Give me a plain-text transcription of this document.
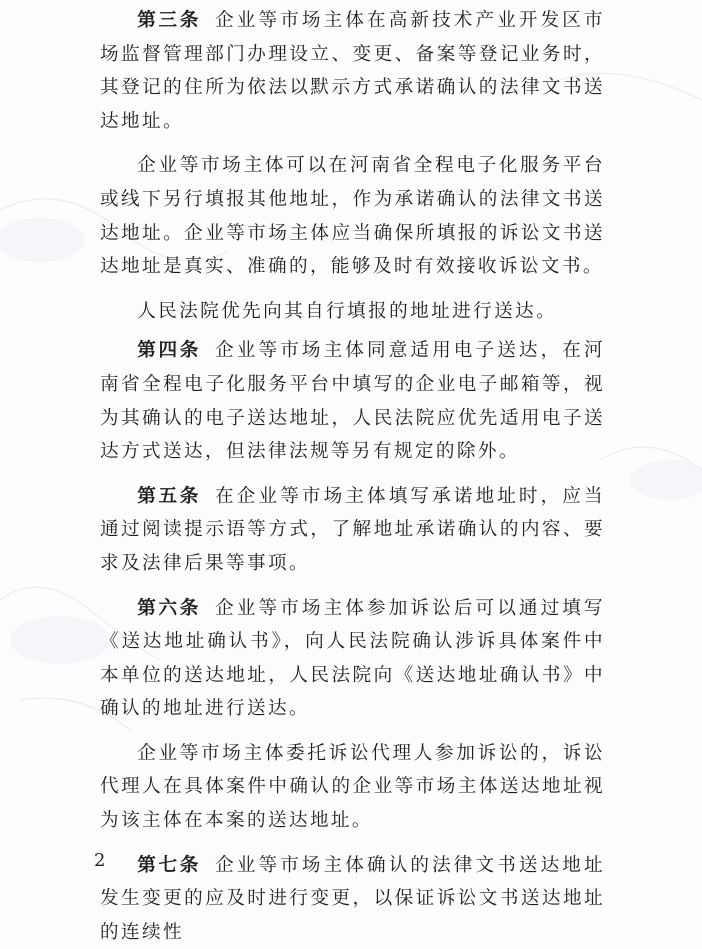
第三条 企业等市场主体在高新技术产业开发区市场监督管理部门办理设立、变更、备案等登记业务时，其登记的住所为依法以默示方式承诺确认的法律文书送达地址。

企业等市场主体可以在河南省全程电子化服务平台或线下另行填报其他地址，作为承诺确认的法律文书送达地址。企业等市场主体应当确保所填报的诉讼文书送达地址是真实、准确的，能够及时有效接收诉讼文书。

人民法院优先向其自行填报的地址进行送达。

第四条 企业等市场主体同意适用电子送达，在河南省全程电子化服务平台中填写的企业电子邮箱等，视为其确认的电子送达地址，人民法院应优先适用电子送达方式送达，但法律法规等另有规定的除外。

第五条 在企业等市场主体填写承诺地址时，应当通过阅读提示语等方式，了解地址承诺确认的内容、要求及法律后果等事项。

第六条 企业等市场主体参加诉讼后可以通过填写《送达地址确认书》，向人民法院确认涉诉具体案件中本单位的送达地址，人民法院向《送达地址确认书》中确认的地址进行送达。

企业等市场主体委托诉讼代理人参加诉讼的，诉讼代理人在具体案件中确认的企业等市场主体送达地址视为该主体在本案的送达地址。

第七条 企业等市场主体确认的法律文书送达地址发生变更的应及时进行变更，以保证诉讼文书送达地址的连续性

2
